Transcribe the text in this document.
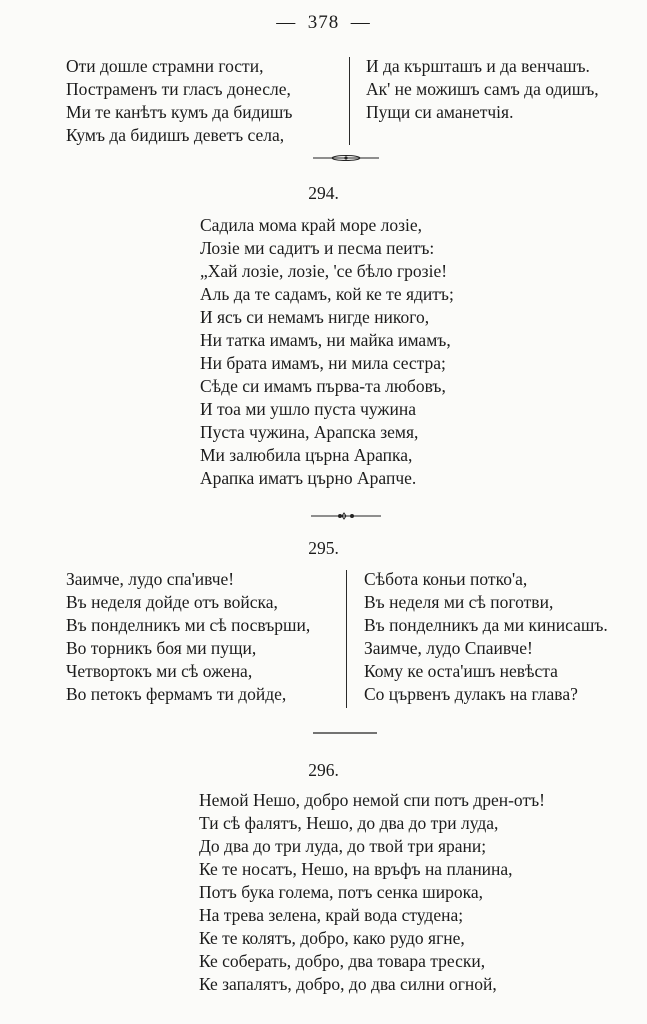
—  378  —
Оти дошле страмни гости,
Постраменъ ти гласъ донесле,
Ми те канѣтъ кумъ да бидишъ
Кумъ да бидишъ деветъ села,
И да кършташъ и да венчашъ.
Ак' не можишъ самъ да одишъ,
Пущи си аманетчія.
294.
Садила мома край море лозіе,
Лозіе ми садитъ и песма пеитъ:
„Хай лозіе, лозіе, 'се бѣло грозіе!
Аль да те садамъ, кой ке те ядитъ;
И ясъ си немамъ нигде никого,
Ни татка имамъ, ни майка имамъ,
Ни брата имамъ, ни мила сестра;
Сѣде си имамъ първа-та любовъ,
И тоа ми ушло пуста чужина
Пуста чужина, Арапска земя,
Ми залюбила църна Арапка,
Арапка иматъ църно Арапче.
295.
Заимче, лудо спа'ивче!
Въ неделя дойде отъ войска,
Въ понделникъ ми сѣ посвърши,
Во торникъ боя ми пущи,
Четвортокъ ми сѣ ожена,
Во петокъ фермамъ ти дойде,
Сѣбота коньи потко'а,
Въ неделя ми сѣ поготви,
Въ понделникъ да ми кинисашъ.
Заимче, лудо Спаивче!
Кому ке оста'ишъ невѣста
Со цървенъ дулакъ на глава?
296.
Немой Нешо, добро немой спи потъ дрен-отъ!
Ти сѣ фалятъ, Нешо, до два до три луда,
До два до три луда, до твой три ярани;
Ке те носатъ, Нешо, на връфъ на планина,
Потъ бука голема, потъ сенка широка,
На трева зелена, край вода студена;
Ке те колятъ, добро, како рудо ягне,
Ке соберать, добро, два товара трески,
Ке запалятъ, добро, до два силни огнoй,
